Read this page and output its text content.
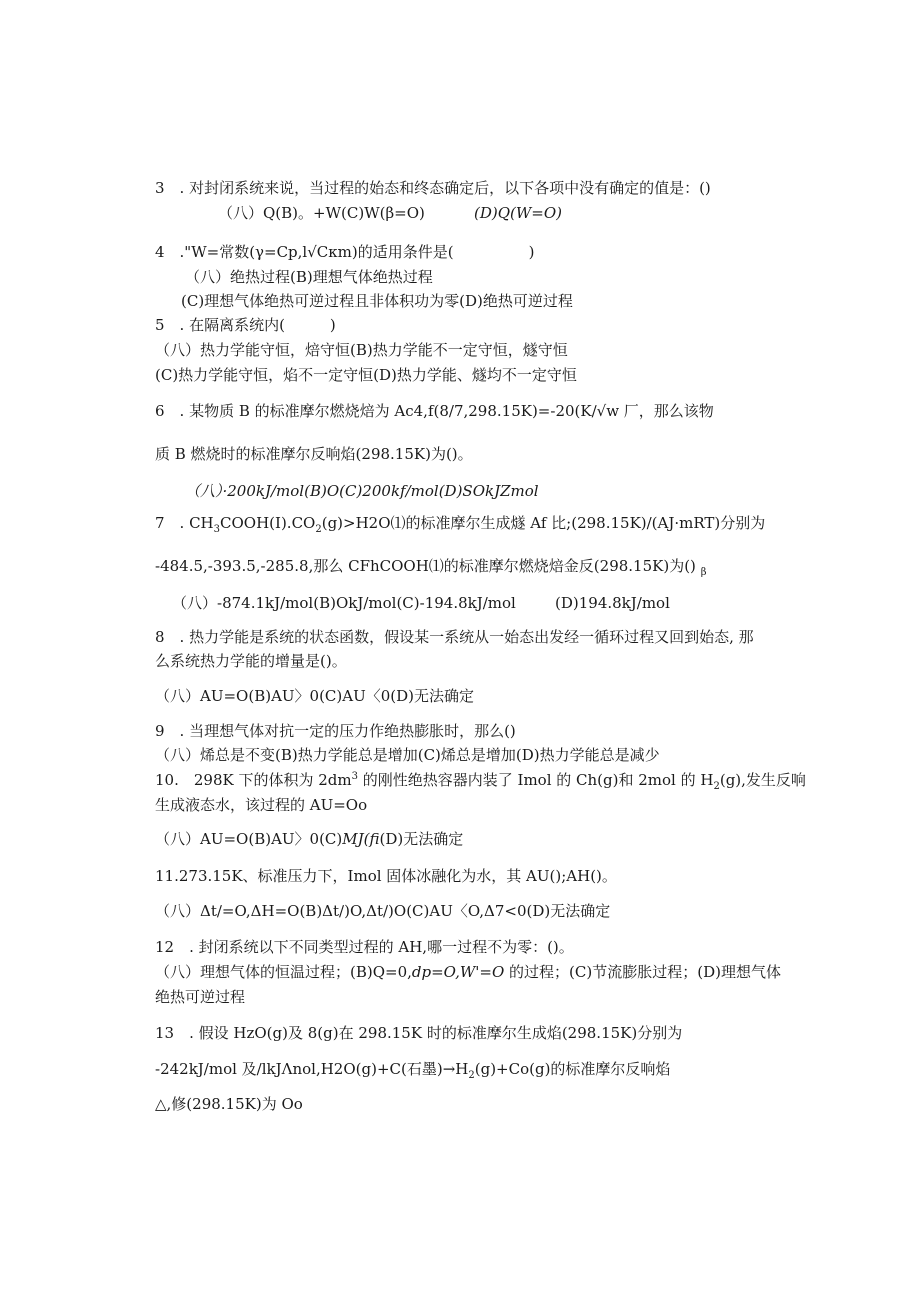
3　. 对封闭系统来说，当过程的始态和终态确定后，以下各项中没有确定的值是：()
（八）Q(B)。+W(C)W(β=O)	(D)Q(W=O)
4　."W=常数(γ=Cp,l√Cκm)的适用条件是(　　　　　)
（八）绝热过程(B)理想气体绝热过程
(C)理想气体绝热可逆过程且非体积功为零(D)绝热可逆过程
5　. 在隔离系统内(　　　)
（八）热力学能守恒，焙守恒(B)热力学能不一定守恒，燧守恒
(C)热力学能守恒，焰不一定守恒(D)热力学能、燧均不一定守恒
6　. 某物质 B 的标准摩尔燃烧焙为 Ac4,f(8/7,298.15K)=-20(K∕√w 厂，那么该物
质 B 燃烧时的标准摩尔反响焰(298.15K)为()。
（八）·200kJ/mol(B)O(C)200kf/mol(D)SOkJZmol
7　. $CH_3COOH(I).CO_2(g)>H2O⑴$的标准摩尔生成燧 Af 比;(298.15K)/(AJ·mRT)分别为
-484.5,-393.5,-285.8,那么 CFhCOOH⑴的标准摩尔燃烧焙金反(298.15K)为() $_\beta$
（八）-874.1kJ/mol(B)OkJ/mol(C)-194.8kJ/mol	(D)194.8kJ/mol
8　. 热力学能是系统的状态函数，假设某一系统从一始态出发经一循环过程又回到始态, 那
么系统热力学能的增量是()。
（八）AU=O(B)AU〉0(C)AU〈0(D)无法确定
9　. 当理想气体对抗一定的压力作绝热膨胀时，那么()
（八）烯总是不变(B)热力学能总是增加(C)烯总是增加(D)热力学能总是减少
10.　298K 下的体积为 $2dm^3$ 的刚性绝热容器内装了 Imol 的 Ch(g)和 2mol 的 $H_2(g)$,发生反响
生成液态水，该过程的 AU=Oo
（八）AU=O(B)AU〉0(C)MJ(fi(D)无法确定
11.273.15K、标准压力下，Imol 固体冰融化为水，其 AU();AH()。
（八）Δt∕=O,ΔH=O(B)Δt∕)O,Δt∕)O(C)AU〈O,Δ7<0(D)无法确定
12　. 封闭系统以下不同类型过程的 AH,哪一过程不为零：()。
（八）理想气体的恒温过程；(B)Q=0,dp=O,W'=O 的过程；(C)节流膨胀过程；(D)理想气体
绝热可逆过程
13　. 假设 HzO(g)及 8(g)在 298.15K 时的标准摩尔生成焰(298.15K)分别为
-242kJ/mol 及/lkJΛnol,H2O(g)+C(石墨)$\to H_2(g)+Co(g)$的标准摩尔反响焰
△,修(298.15K)为 Oo
